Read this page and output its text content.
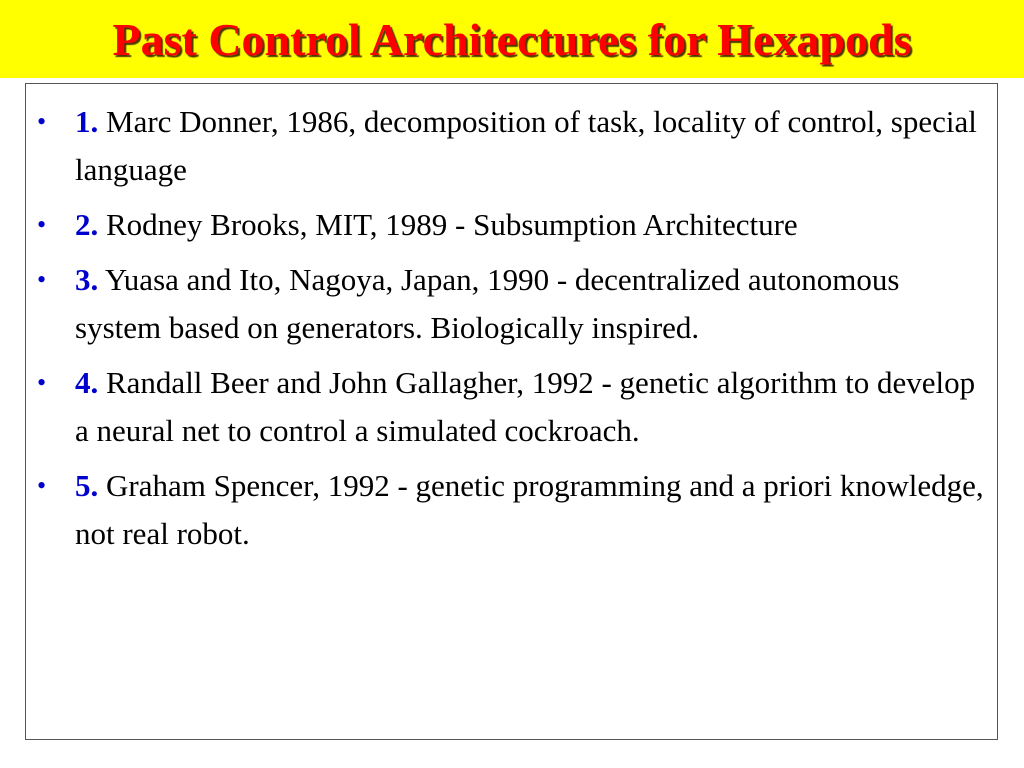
Past Control Architectures for Hexapods
• 1. Marc Donner, 1986, decomposition of task, locality of control, special language
• 2. Rodney Brooks, MIT, 1989 - Subsumption Architecture
• 3. Yuasa and Ito, Nagoya, Japan, 1990 - decentralized autonomous system based on generators. Biologically inspired.
• 4. Randall Beer and John Gallagher, 1992 - genetic algorithm to develop a neural net to control a simulated cockroach.
• 5. Graham Spencer, 1992 - genetic programming and a priori knowledge, not real robot.
